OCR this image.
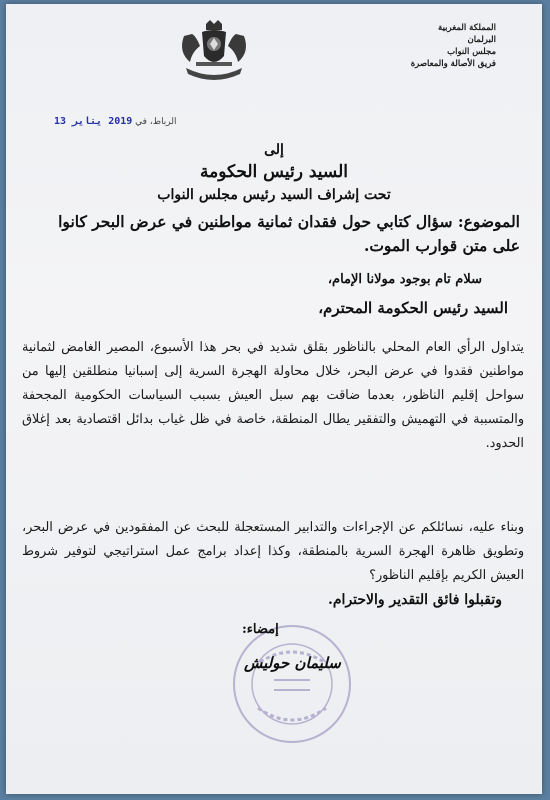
المملكة المغربية
البرلمان
مجلس النواب
فريق الأصالة والمعاصرة
الرباط، في 2019 يناير 13
إلى
السيد رئيس الحكومة
تحت إشراف السيد رئيس مجلس النواب
الموضوع: سؤال كتابي حول فقدان ثمانية مواطنين في عرض البحر كانوا على متن قوارب الموت.
سلام تام بوجود مولانا الإمام،
السيد رئيس الحكومة المحترم،
يتداول الرأي العام المحلي بالناظور بقلق شديد في بحر هذا الأسبوع، المصير الغامض لثمانية مواطنين فقدوا في عرض البحر، خلال محاولة الهجرة السرية إلى إسبانيا منطلقين إليها من سواحل إقليم الناظور، بعدما ضاقت بهم سبل العيش بسبب السياسات الحكومية المجحفة والمتسببة في التهميش والتفقير يطال المنطقة، خاصة في ظل غياب بدائل اقتصادية بعد إغلاق الحدود.
وبناء عليه، نسائلكم عن الإجراءات والتدابير المستعجلة للبحث عن المفقودين في عرض البحر، وتطويق ظاهرة الهجرة السرية بالمنطقة، وكذا إعداد برامج عمل استراتيجي لتوفير شروط العيش الكريم بإقليم الناظور؟
وتقبلوا فائق التقدير والاحترام.
إمضاء:
سليمان حوليش
